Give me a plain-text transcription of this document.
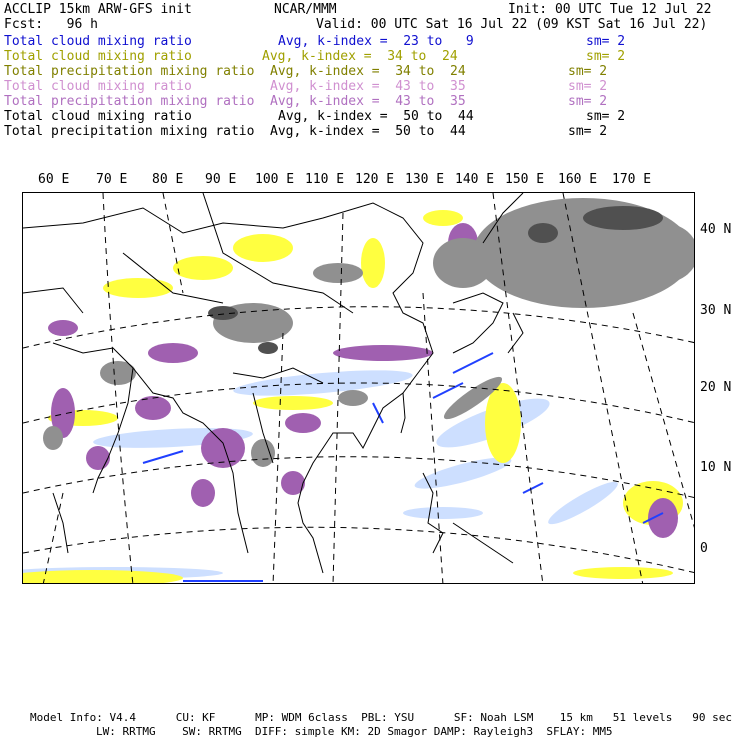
ACCLIP 15km ARW-GFS init	NCAR/MMM	Init: 00 UTC Tue 12 Jul 22
Fcst:   96 h	Valid: 00 UTC Sat 16 Jul 22 (09 KST Sat 16 Jul 22)
Total cloud mixing ratio	Avg, k-index =  23 to   9	sm= 2
Total cloud mixing ratio	Avg, k-index =  34 to  24	sm= 2
Total precipitation mixing ratio Avg, k-index =  34 to  24	sm= 2
Total cloud mixing ratio	Avg, k-index =  43 to  35	sm= 2
Total precipitation mixing ratio Avg, k-index =  43 to  35	sm= 2
Total cloud mixing ratio	Avg, k-index =  50 to  44	sm= 2
Total precipitation mixing ratio Avg, k-index =  50 to  44	sm= 2
60 E 70 E 80 E 90 E 100 E 110 E 120 E 130 E 140 E 150 E 160 E 170 E
40 N
30 N
20 N
10 N
0
Model Info: V4.4      CU: KF      MP: WDM 6class  PBL: YSU      SF: Noah LSM    15 km   51 levels   90 sec
LW: RRTMG    SW: RRTMG  DIFF: simple KM: 2D Smagor DAMP: Rayleigh3  SFLAY: MM5
